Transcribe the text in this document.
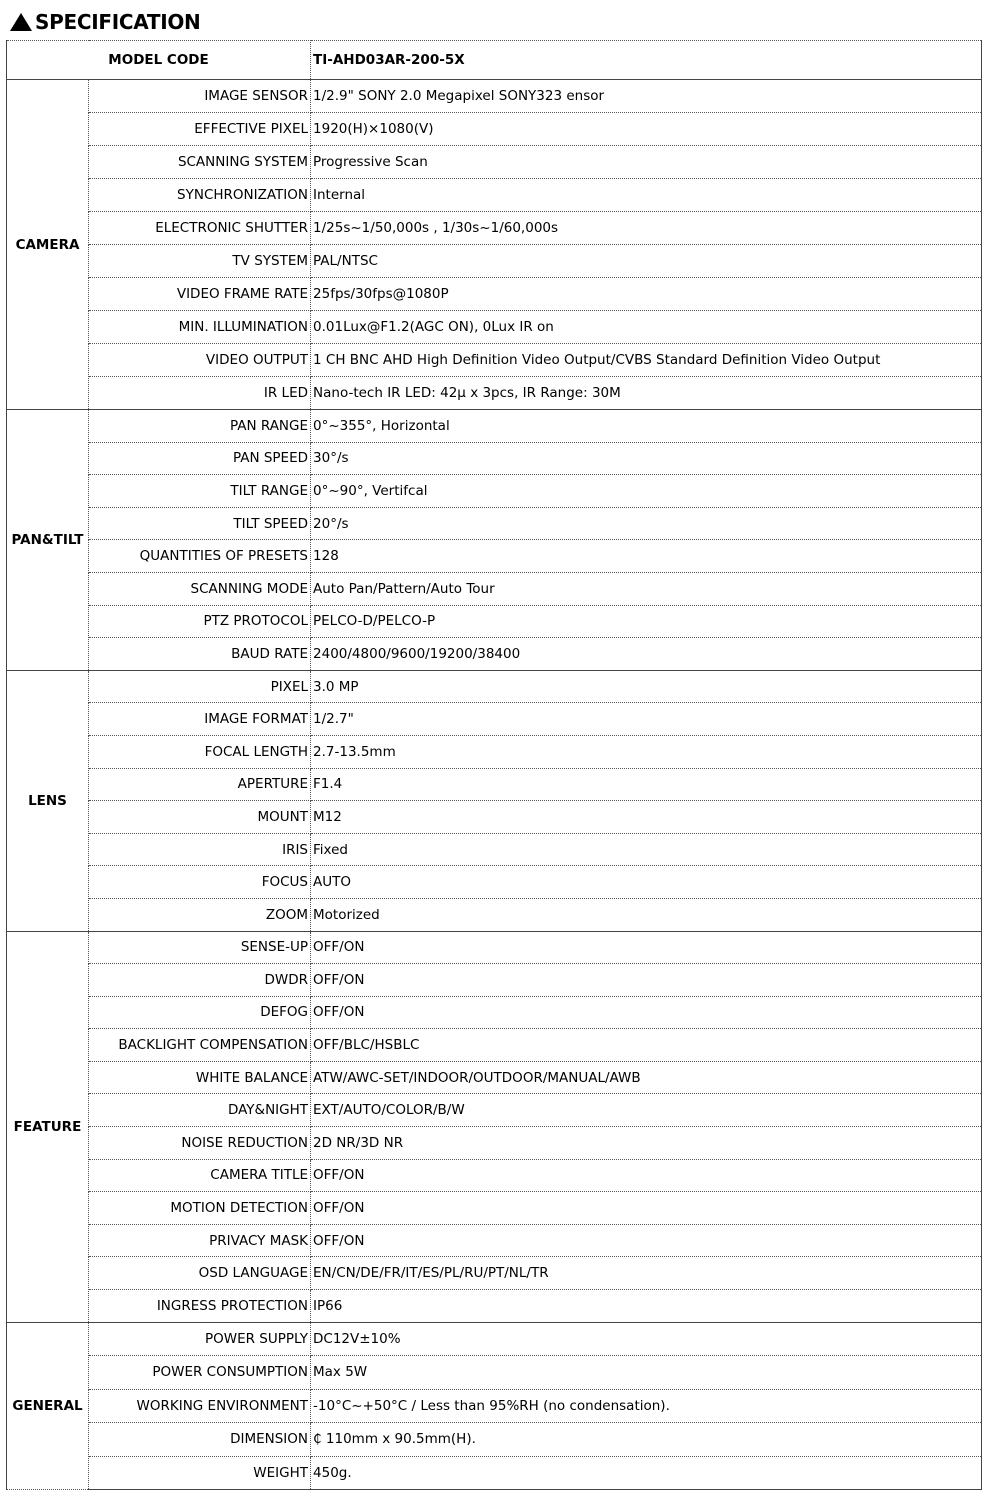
SPECIFICATION
MODEL CODE		TI-AHD03AR-200-5X
CAMERA	IMAGE SENSOR	1/2.9" SONY 2.0 Megapixel SONY323 ensor
	EFFECTIVE PIXEL	1920(H)×1080(V)
	SCANNING SYSTEM	Progressive Scan
	SYNCHRONIZATION	Internal
	ELECTRONIC SHUTTER	1/25s~1/50,000s , 1/30s~1/60,000s
	TV SYSTEM	PAL/NTSC
	VIDEO FRAME RATE	25fps/30fps@1080P
	MIN. ILLUMINATION	0.01Lux@F1.2(AGC ON), 0Lux IR on
	VIDEO OUTPUT	1 CH BNC AHD High Definition Video Output/CVBS Standard Definition Video Output
	IR LED	Nano-tech IR LED: 42µ x 3pcs, IR Range: 30M
PAN&TILT	PAN RANGE	0°~355°, Horizontal
	PAN SPEED	30°/s
	TILT RANGE	0°~90°, Vertifcal
	TILT SPEED	20°/s
	QUANTITIES OF PRESETS	128
	SCANNING MODE	Auto Pan/Pattern/Auto Tour
	PTZ PROTOCOL	PELCO-D/PELCO-P
	BAUD RATE	2400/4800/9600/19200/38400
LENS	PIXEL	3.0 MP
	IMAGE FORMAT	1/2.7"
	FOCAL LENGTH	2.7-13.5mm
	APERTURE	F1.4
	MOUNT	M12
	IRIS	Fixed
	FOCUS	AUTO
	ZOOM	Motorized
FEATURE	SENSE-UP	OFF/ON
	DWDR	OFF/ON
	DEFOG	OFF/ON
	BACKLIGHT COMPENSATION	OFF/BLC/HSBLC
	WHITE BALANCE	ATW/AWC-SET/INDOOR/OUTDOOR/MANUAL/AWB
	DAY&NIGHT	EXT/AUTO/COLOR/B/W
	NOISE REDUCTION	2D NR/3D NR
	CAMERA TITLE	OFF/ON
	MOTION DETECTION	OFF/ON
	PRIVACY MASK	OFF/ON
	OSD LANGUAGE	EN/CN/DE/FR/IT/ES/PL/RU/PT/NL/TR
	INGRESS PROTECTION	IP66
GENERAL	POWER SUPPLY	DC12V±10%
	POWER CONSUMPTION	Max 5W
	WORKING ENVIRONMENT	-10°C~+50°C / Less than 95%RH (no condensation).
	DIMENSION	₵ 110mm x 90.5mm(H).
	WEIGHT	450g.
